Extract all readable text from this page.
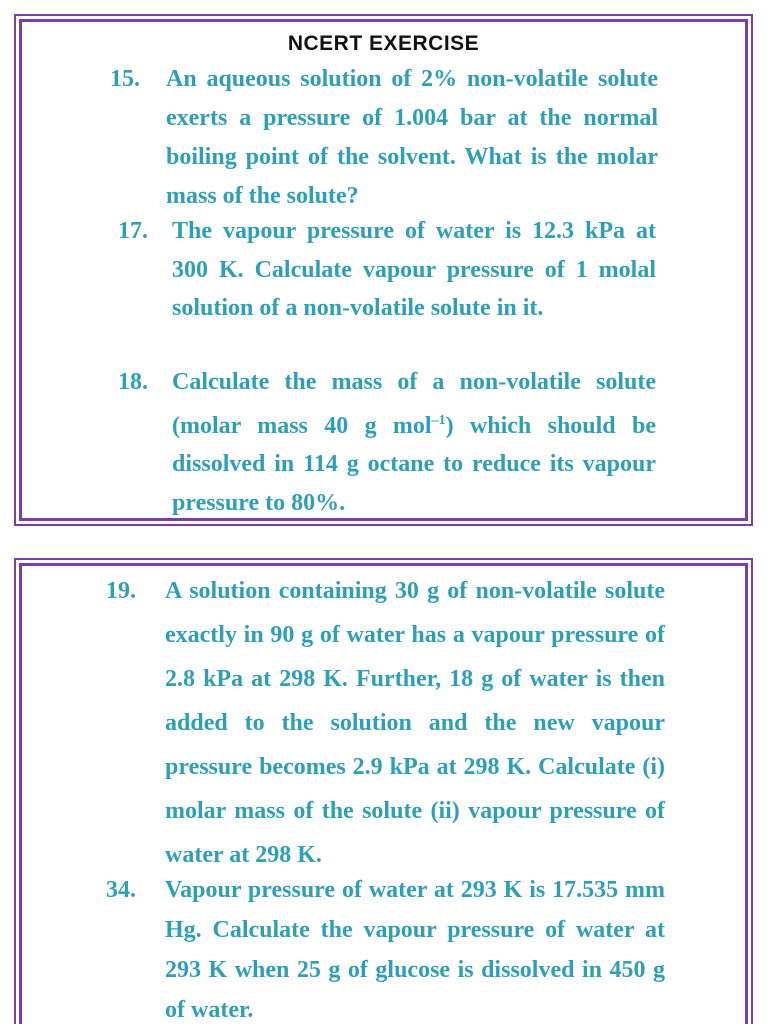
NCERT EXERCISE
15. An aqueous solution of 2% non-volatile solute exerts a pressure of 1.004 bar at the normal boiling point of the solvent. What is the molar mass of the solute?
17. The vapour pressure of water is 12.3 kPa at 300 K. Calculate vapour pressure of 1 molal solution of a non-volatile solute in it.
18. Calculate the mass of a non-volatile solute (molar mass 40 g mol$^{-1}$) which should be dissolved in 114 g octane to reduce its vapour pressure to 80%.
19. A solution containing 30 g of non-volatile solute exactly in 90 g of water has a vapour pressure of 2.8 kPa at 298 K. Further, 18 g of water is then added to the solution and the new vapour pressure becomes 2.9 kPa at 298 K. Calculate (i) molar mass of the solute (ii) vapour pressure of water at 298 K.
34. Vapour pressure of water at 293 K is 17.535 mm Hg. Calculate the vapour pressure of water at 293 K when 25 g of glucose is dissolved in 450 g of water.
